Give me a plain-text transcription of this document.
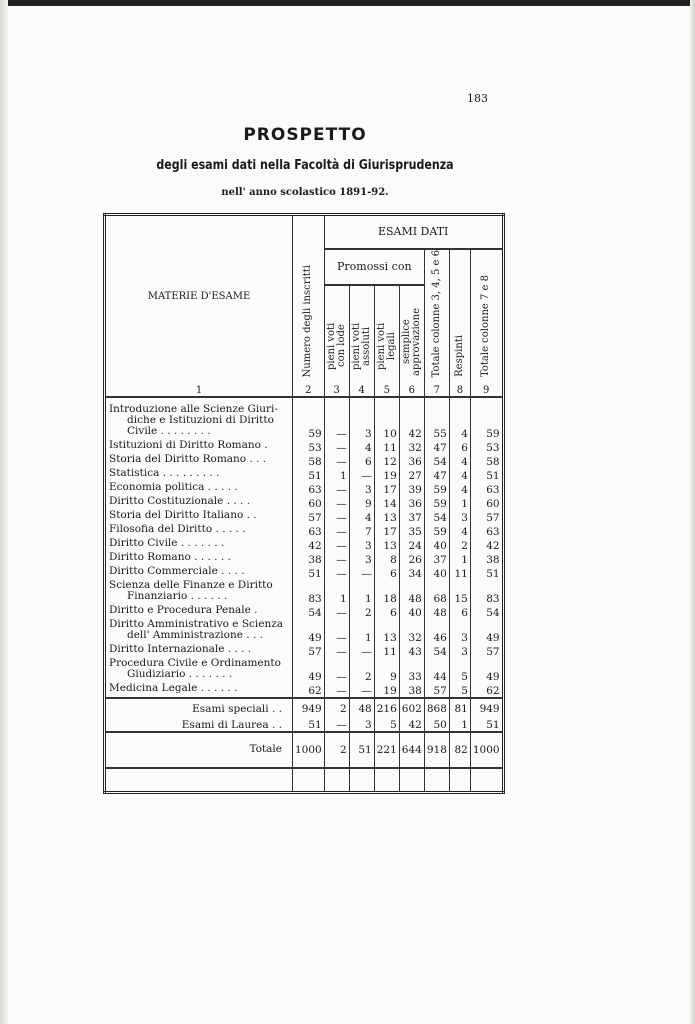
183
PROSPETTO
degli esami dati nella Facoltà di Giurisprudenza
nell' anno scolastico 1891-92.
MATERIE D'ESAME	Numero degli inscritti	ESAMI DATI						
		Promossi con				Totale colonne 3, 4, 5 e 6	Respinti	Totale colonne 7 e 8

		pieni voti con lode	pieni voti assoluti	pieni voti legali	semplice approvazione			

1	2	3	4	5	6	7	8	9

Introduzione alle Scienze Giuri-
diche e Istituzioni di Diritto
Civile . . . . . . . .	59	—	3	10	42	55	4	59

Istituzioni di Diritto Romano .	53	—	4	11	32	47	6	53

Storia del Diritto Romano . . .	58	—	6	12	36	54	4	58

Statistica . . . . . . . . .	51	1	—	19	27	47	4	51

Economia politica . . . . .	63	—	3	17	39	59	4	63

Diritto Costituzionale . . . .	60	—	9	14	36	59	1	60

Storia del Diritto Italiano . .	57	—	4	13	37	54	3	57

Filosofia del Diritto . . . . .	63	—	7	17	35	59	4	63

Diritto Civile . . . . . . .	42	—	3	13	24	40	2	42

Diritto Romano . . . . . .	38	—	3	8	26	37	1	38

Diritto Commerciale . . . .	51	—	—	6	34	40	11	51

Scienza delle Finanze e Diritto
Finanziario . . . . . .	83	1	1	18	48	68	15	83

Diritto e Procedura Penale .	54	—	2	6	40	48	6	54

Diritto Amministrativo e Scienza
dell' Amministrazione . . .	49	—	1	13	32	46	3	49

Diritto Internazionale . . . .	57	—	—	11	43	54	3	57

Procedura Civile e Ordinamento
Giudiziario . . . . . . .	49	—	2	9	33	44	5	49

Medicina Legale . . . . . .	62	—	—	19	38	57	5	62
Esami speciali . .	949	2	48	216	602	868	81	949
Esami di Laurea . .	51	—	3	5	42	50	1	51
Totale	1000	2	51	221	644	918	82	1000
